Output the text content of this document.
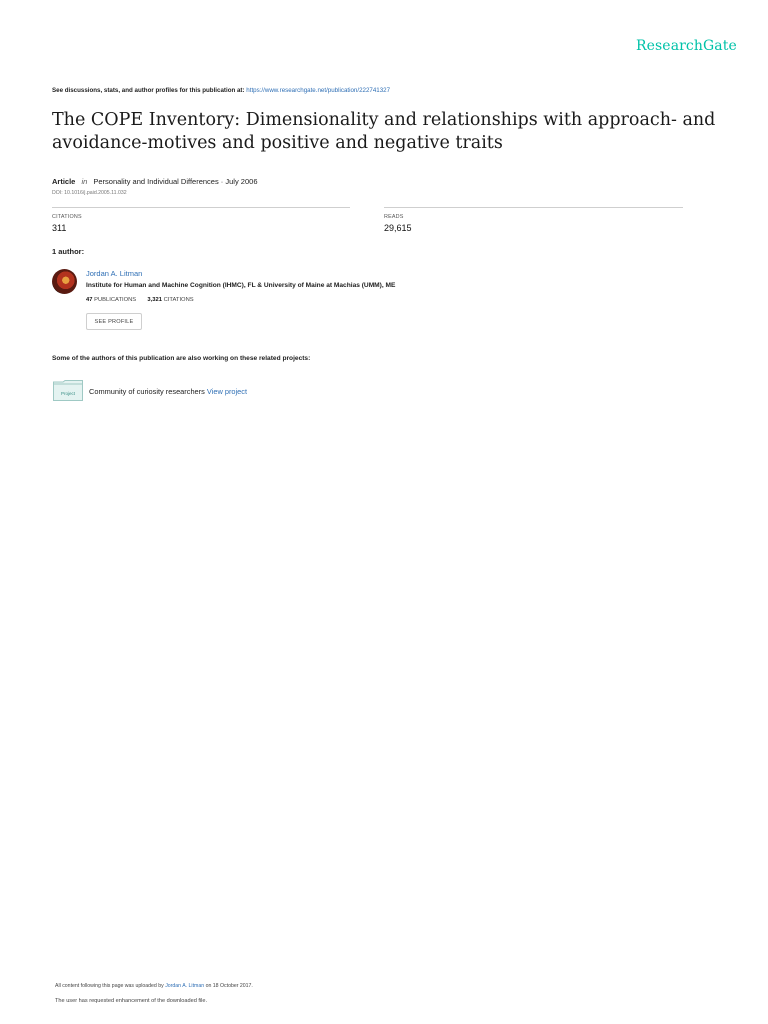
ResearchGate
See discussions, stats, and author profiles for this publication at: https://www.researchgate.net/publication/222741327
The COPE Inventory: Dimensionality and relationships with approach- and avoidance-motives and positive and negative traits
Article in Personality and Individual Differences · July 2006
DOI: 10.1016/j.paid.2005.11.032
CITATIONS
311
READS
29,615
1 author:
Jordan A. Litman
Institute for Human and Machine Cognition (IHMC), FL & University of Maine at Machias (UMM), ME
47 PUBLICATIONS 3,321 CITATIONS
SEE PROFILE
Some of the authors of this publication are also working on these related projects:
Project Community of curiosity researchers View project
All content following this page was uploaded by Jordan A. Litman on 18 October 2017.
The user has requested enhancement of the downloaded file.
